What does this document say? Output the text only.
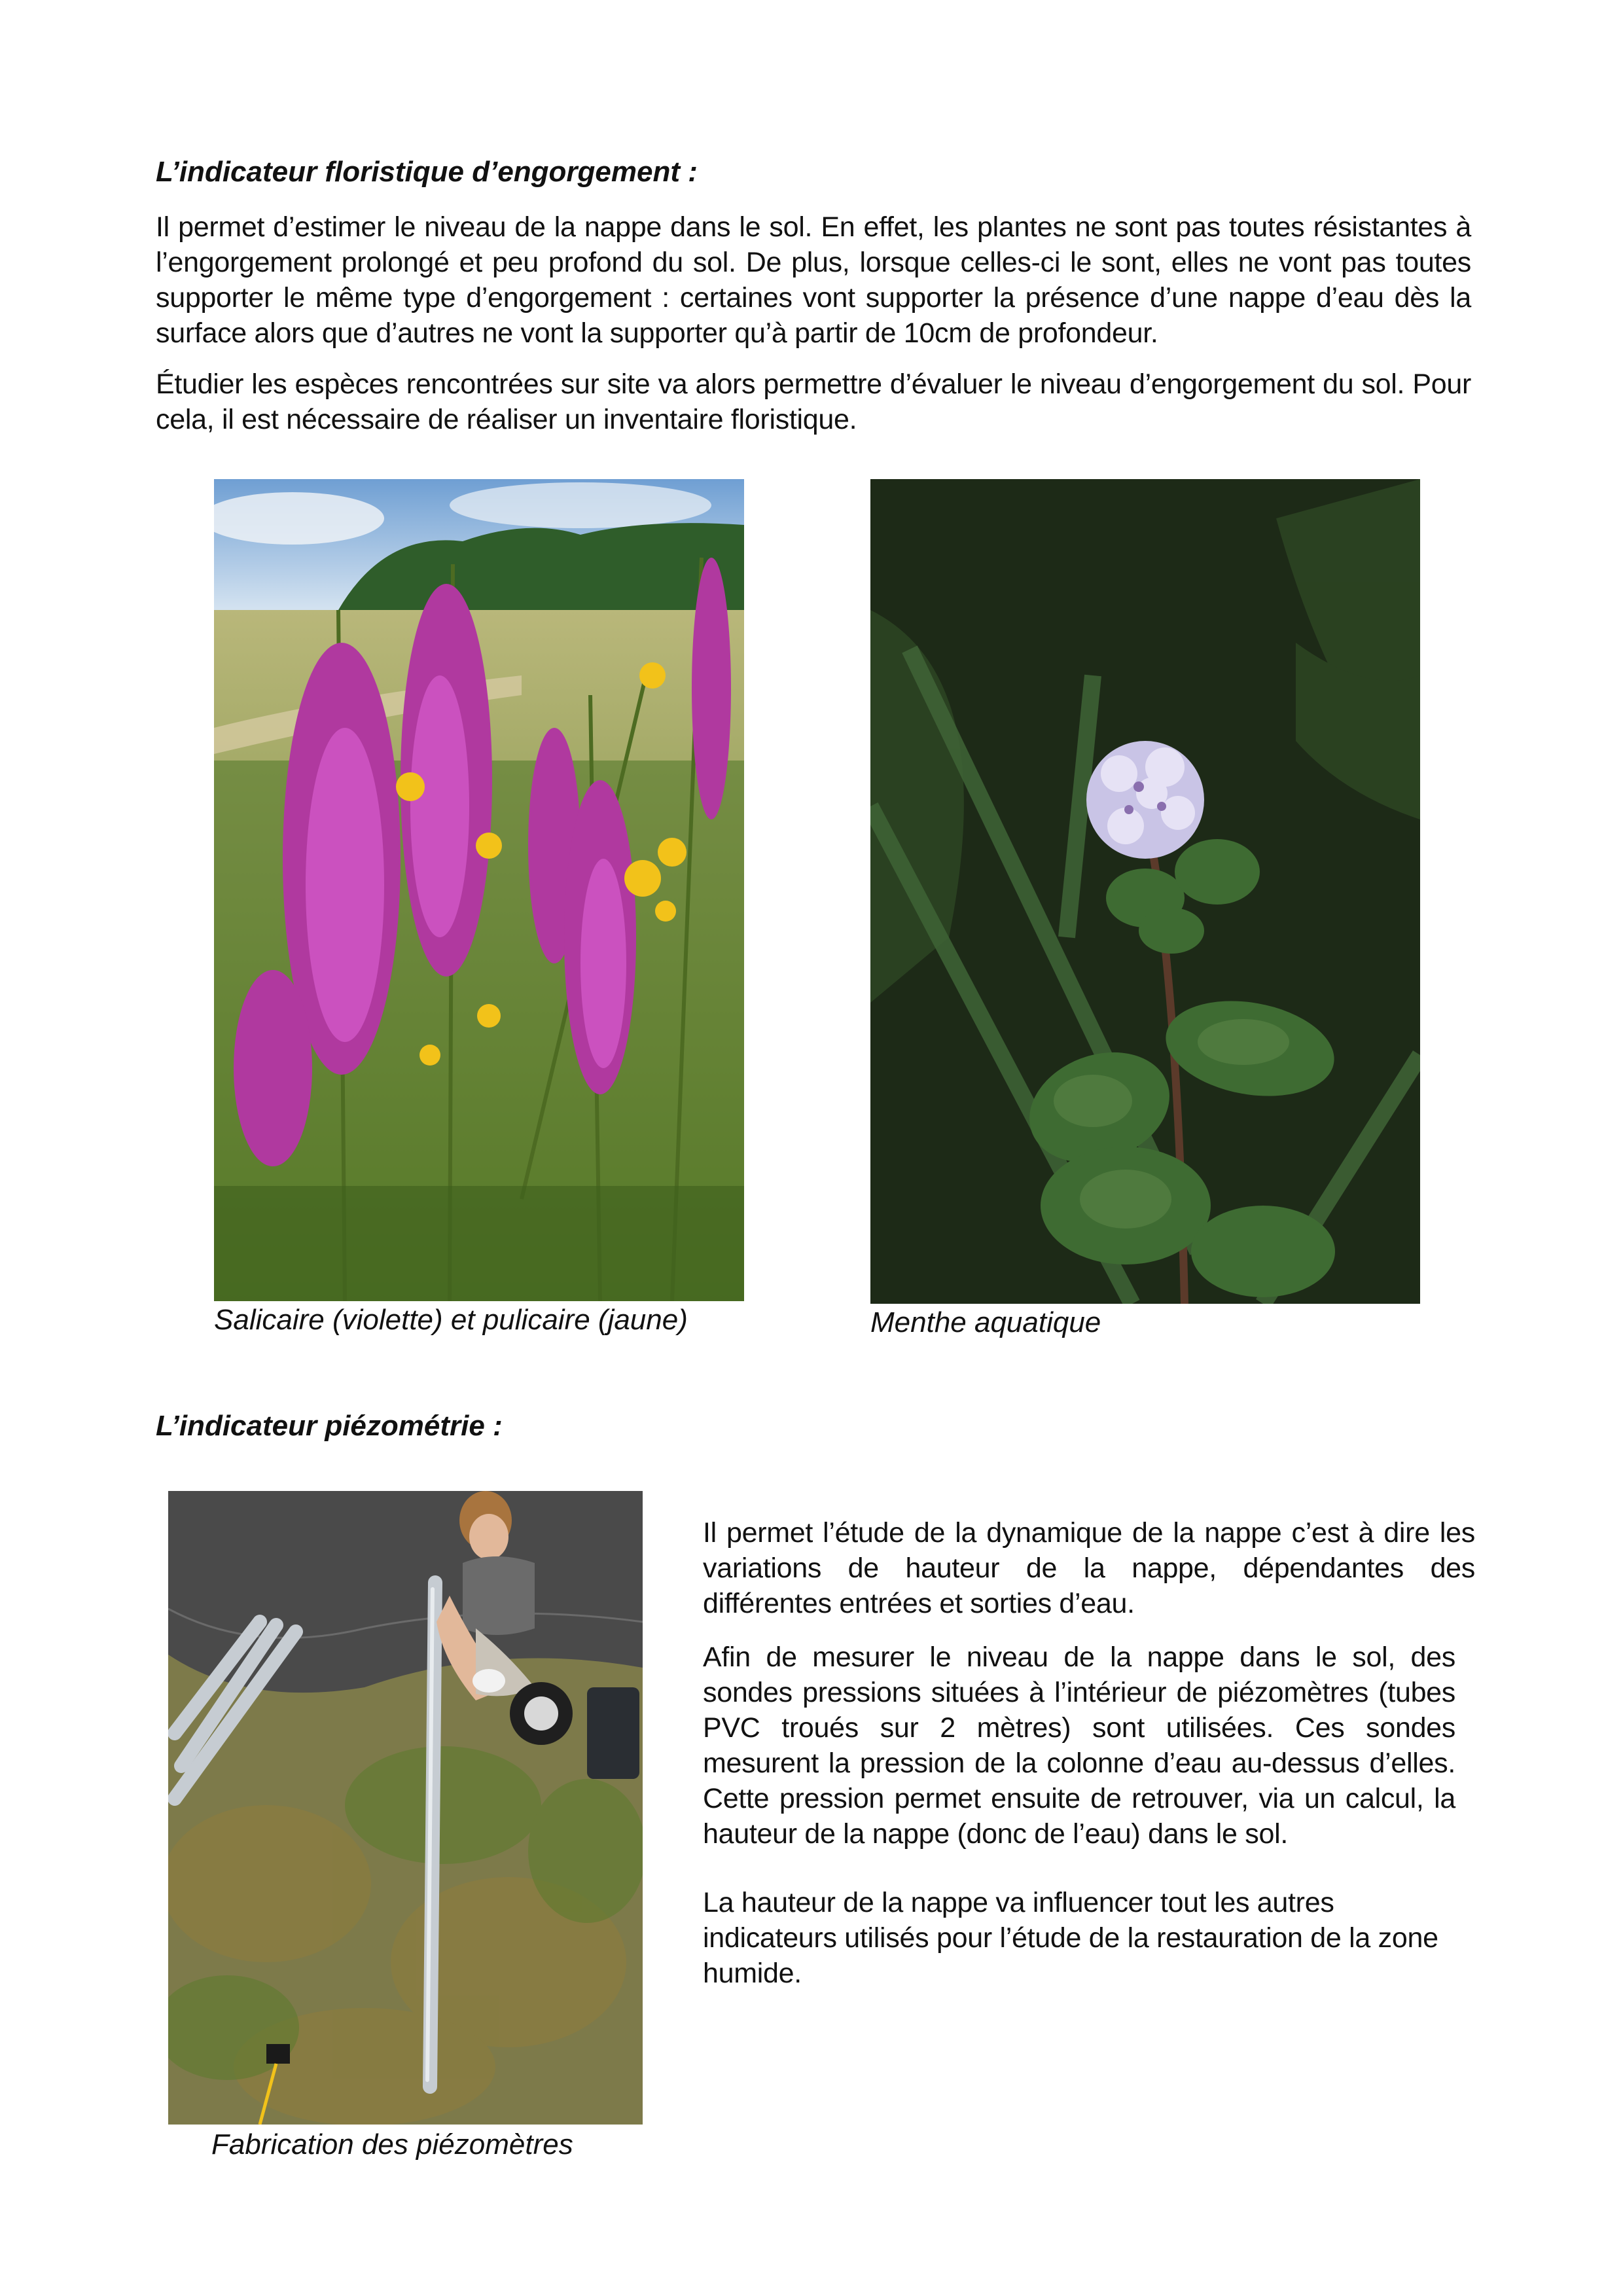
L’indicateur floristique d’engorgement :

Il permet d’estimer le niveau de la nappe dans le sol. En effet, les plantes ne sont pas toutes résistantes à l’engorgement prolongé et peu profond du sol. De plus, lorsque celles-ci le sont, elles ne vont pas toutes supporter le même type d’engorgement : certaines vont supporter la présence d’une nappe d’eau dès la surface alors que d’autres ne vont la supporter qu’à partir de 10cm de profondeur.

Étudier les espèces rencontrées sur site va alors permettre d’évaluer le niveau d’engorgement du sol. Pour cela, il est nécessaire de réaliser un inventaire floristique.

Salicaire (violette) et pulicaire (jaune)	Menthe aquatique

L’indicateur piézométrie :

Fabrication des piézomètres

Il permet l’étude de la dynamique de la nappe c’est à dire les variations de hauteur de la nappe, dépendantes des différentes entrées et sorties d’eau.

Afin de mesurer le niveau de la nappe dans le sol, des sondes pressions situées à l’intérieur de piézomètres (tubes PVC troués sur 2 mètres) sont utilisées. Ces sondes mesurent la pression de la colonne d’eau au-dessus d’elles. Cette pression permet ensuite de retrouver, via un calcul, la hauteur de la nappe (donc de l’eau) dans le sol.

La hauteur de la nappe va influencer tout les autres indicateurs utilisés pour l’étude de la restauration de la zone humide.
